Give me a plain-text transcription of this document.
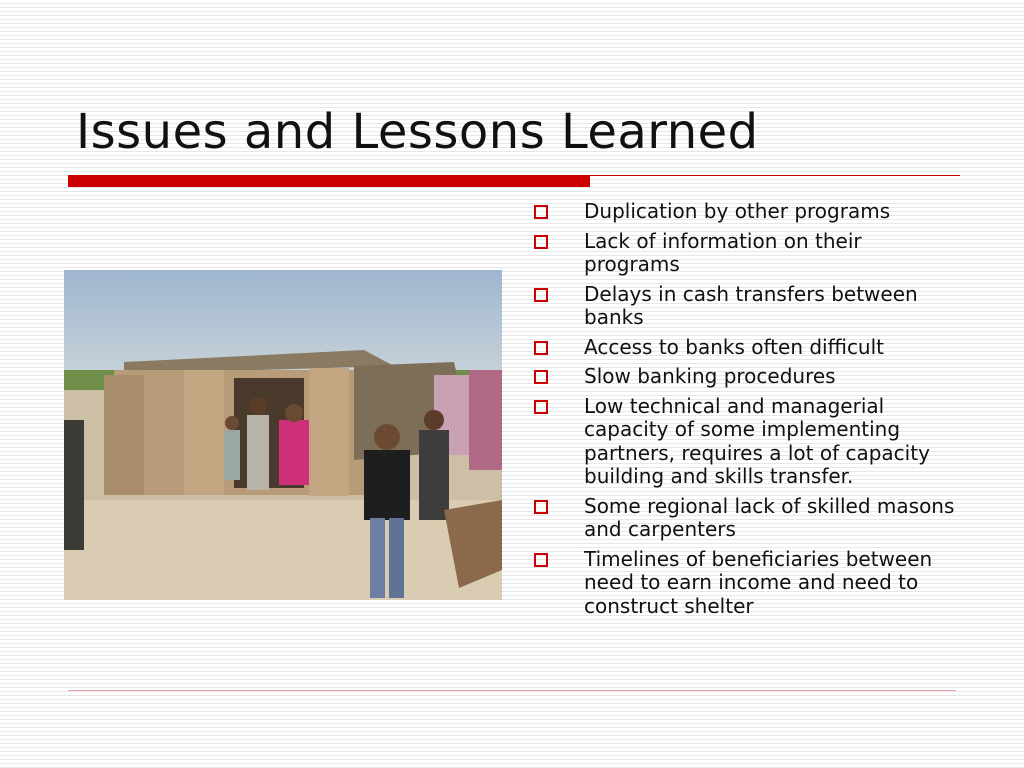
Issues and Lessons Learned
Duplication by other programs
Lack of information on their programs
Delays in cash transfers between banks
Access to banks often difficult
Slow banking procedures
Low technical and managerial capacity of some implementing partners, requires a lot of capacity building and skills transfer.
Some regional lack of skilled masons and carpenters
Timelines of beneficiaries between need to earn income and need to construct shelter
